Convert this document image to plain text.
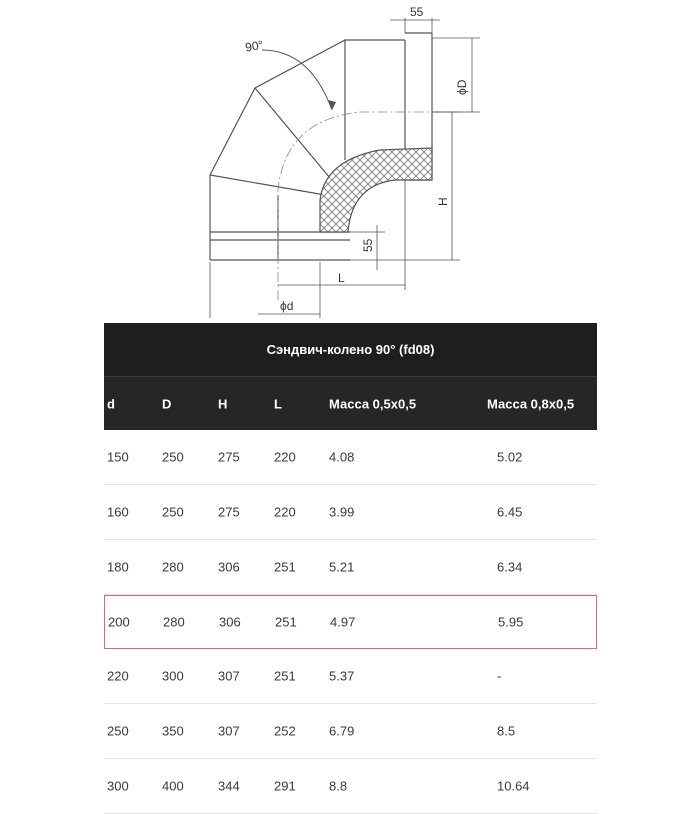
90°
55
ϕD
H
55
L
ϕd
Сэндвич-колено 90° (fd08)
d	D	H	L	Масса 0,5х0,5	Масса 0,8х0,5
150	250	275	220	4.08	5.02
160	250	275	220	3.99	6.45
180	280	306	251	5.21	6.34
200	280	306	251	4.97	5.95
220	300	307	251	5.37	-
250	350	307	252	6.79	8.5
300	400	344	291	8.8	10.64
